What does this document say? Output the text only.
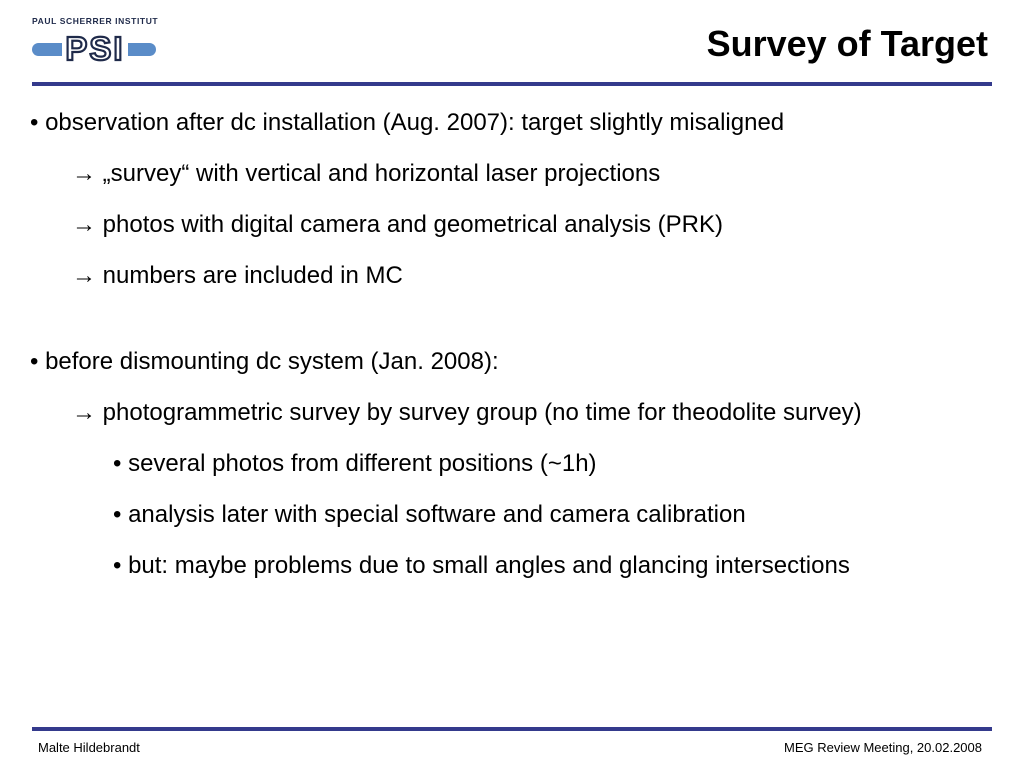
PAUL SCHERRER INSTITUT
PSI	Survey of Target
• observation after dc installation (Aug. 2007): target slightly misaligned
→ „survey“ with vertical and horizontal laser projections
→ photos with digital camera and geometrical analysis (PRK)
→ numbers are included in MC
• before dismounting dc system (Jan. 2008):
→ photogrammetric survey by survey group (no time for theodolite survey)
• several photos from different positions (~1h)
• analysis later with special software and camera calibration
• but: maybe problems due to small angles and glancing intersections
Malte Hildebrandt	MEG Review Meeting, 20.02.2008
